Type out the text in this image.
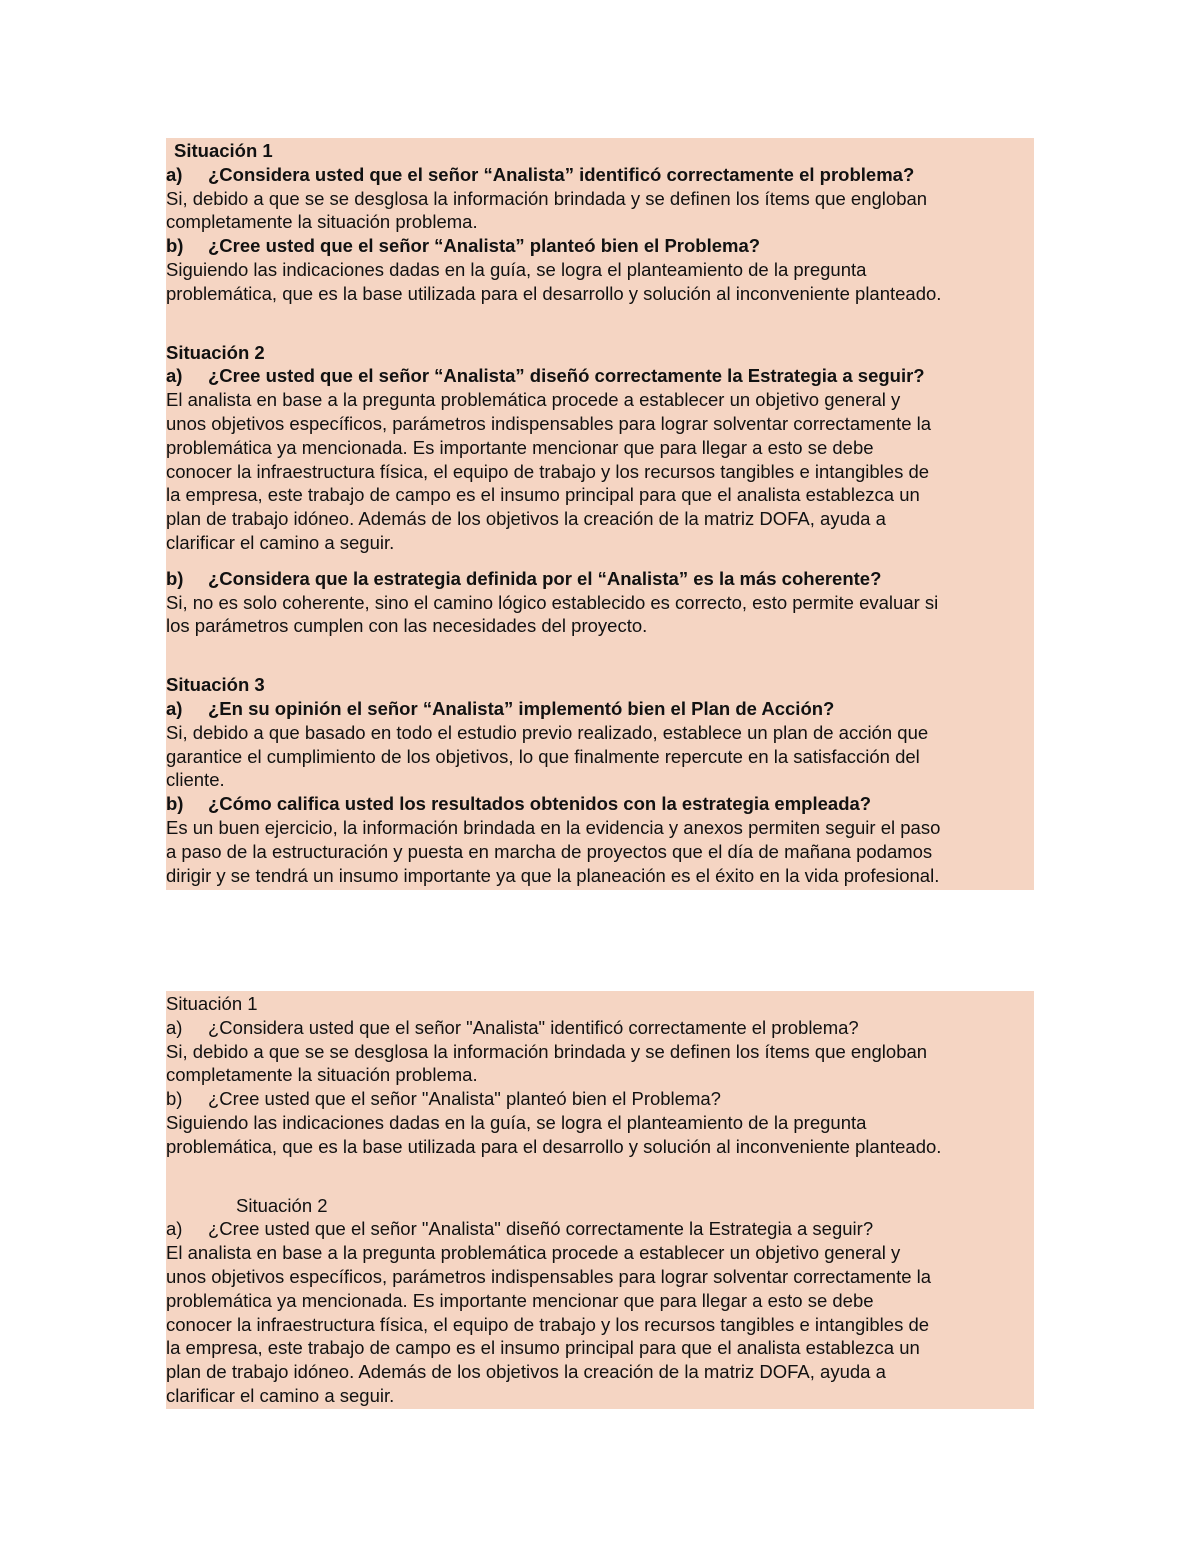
Situación 1

a)	¿Considera usted que el señor “Analista” identificó correctamente el problema?

Si, debido a que se se desglosa la información brindada y se definen los ítems que engloban

completamente la situación problema.

b)	¿Cree usted que el señor “Analista” planteó bien el Problema?

Siguiendo las indicaciones dadas en la guía, se logra el planteamiento de la pregunta

problemática, que es la base utilizada para el desarrollo y solución al inconveniente planteado.

Situación 2

a)	¿Cree usted que el señor “Analista” diseñó correctamente la Estrategia a seguir?

El analista en base a la pregunta problemática procede a establecer un objetivo general y

unos objetivos específicos, parámetros indispensables para lograr solventar correctamente la

problemática ya mencionada. Es importante mencionar que para llegar a esto se debe

conocer la infraestructura física, el equipo de trabajo y los recursos tangibles e intangibles de

la empresa, este trabajo de campo es el insumo principal para que el analista establezca un

plan de trabajo idóneo. Además de los objetivos la creación de la matriz DOFA, ayuda a

clarificar el camino a seguir.

b)	¿Considera que la estrategia definida por el “Analista” es la más coherente?

Si, no es solo coherente, sino el camino lógico establecido es correcto, esto permite evaluar si

los parámetros cumplen con las necesidades del proyecto.

Situación 3

a)	¿En su opinión el señor “Analista” implementó bien el Plan de Acción?

Si, debido a que basado en todo el estudio previo realizado, establece un plan de acción que

garantice el cumplimiento de los objetivos, lo que finalmente repercute en la satisfacción del

cliente.

b)	¿Cómo califica usted los resultados obtenidos con la estrategia empleada?

Es un buen ejercicio, la información brindada en la evidencia y anexos permiten seguir el paso

a paso de la estructuración y puesta en marcha de proyectos que el día de mañana podamos

dirigir y se tendrá un insumo importante ya que la planeación es el éxito en la vida profesional.

Situación 1

a)	¿Considera usted que el señor "Analista" identificó correctamente el problema?

Si, debido a que se se desglosa la información brindada y se definen los ítems que engloban

completamente la situación problema.

b)	¿Cree usted que el señor "Analista" planteó bien el Problema?

Siguiendo las indicaciones dadas en la guía, se logra el planteamiento de la pregunta

problemática, que es la base utilizada para el desarrollo y solución al inconveniente planteado.

Situación 2

a)	¿Cree usted que el señor "Analista" diseñó correctamente la Estrategia a seguir?

El analista en base a la pregunta problemática procede a establecer un objetivo general y

unos objetivos específicos, parámetros indispensables para lograr solventar correctamente la

problemática ya mencionada. Es importante mencionar que para llegar a esto se debe

conocer la infraestructura física, el equipo de trabajo y los recursos tangibles e intangibles de

la empresa, este trabajo de campo es el insumo principal para que el analista establezca un

plan de trabajo idóneo. Además de los objetivos la creación de la matriz DOFA, ayuda a

clarificar el camino a seguir.
